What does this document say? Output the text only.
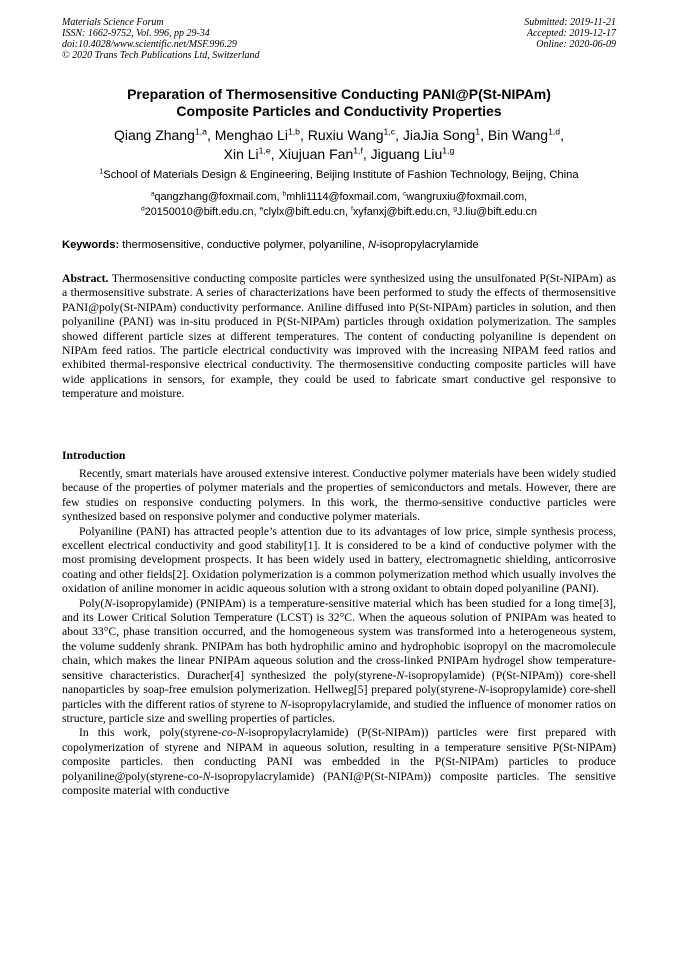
Materials Science Forum
ISSN: 1662-9752, Vol. 996, pp 29-34
doi:10.4028/www.scientific.net/MSF.996.29
© 2020 Trans Tech Publications Ltd, Switzerland
Submitted: 2019-11-21
Accepted: 2019-12-17
Online: 2020-06-09
Preparation of Thermosensitive Conducting PANI@P(St-NIPAm)
Composite Particles and Conductivity Properties
Qiang Zhang$^{1,a}$, Menghao Li$^{1,b}$, Ruxiu Wang$^{1,c}$, JiaJia Song$^1$, Bin Wang$^{1,d}$,
Xin Li$^{1,e}$, Xiujuan Fan$^{1,f}$, Jiguang Liu$^{1,g}$
$^1$School of Materials Design & Engineering, Beijing Institute of Fashion Technology, Beijng, China
$^a$qangzhang@foxmail.com, $^b$mhli1114@foxmail.com, $^c$wangruxiu@foxmail.com,
$^d$20150010@bift.edu.cn, $^e$clylx@bift.edu.cn, $^f$xyfanxj@bift.edu.cn, $^g$J.liu@bift.edu.cn
Keywords: thermosensitive, conductive polymer, polyaniline, N-isopropylacrylamide

Abstract. Thermosensitive conducting composite particles were synthesized using the unsulfonated P(St-NIPAm) as a thermosensitive substrate. A series of characterizations have been performed to study the effects of thermosensitive PANI@poly(St-NIPAm) conductivity performance. Aniline diffused into P(St-NIPAm) particles in solution, and then polyaniline (PANI) was in-situ produced in P(St-NIPAm) particles through oxidation polymerization. The samples showed different particle sizes at different temperatures. The content of conducting polyaniline is dependent on NIPAm feed ratios. The particle electrical conductivity was improved with the increasing NIPAM feed ratios and exhibited thermal-responsive electrical conductivity. The thermosensitive conducting composite particles will have wide applications in sensors, for example, they could be used to fabricate smart conductive gel responsive to temperature and moisture.

Introduction

Recently, smart materials have aroused extensive interest. Conductive polymer materials have been widely studied because of the properties of polymer materials and the properties of semiconductors and metals. However, there are few studies on responsive conducting polymers. In this work, the thermo-sensitive conductive particles were synthesized based on responsive polymer and conductive polymer materials.

Polyaniline (PANI) has attracted people’s attention due to its advantages of low price, simple synthesis process, excellent electrical conductivity and good stability[1]. It is considered to be a kind of conductive polymer with the most promising development prospects. It has been widely used in battery, electromagnetic shielding, anticorrosive coating and other fields[2]. Oxidation polymerization is a common polymerization method which usually involves the oxidation of aniline monomer in acidic aqueous solution with a strong oxidant to obtain doped polyaniline (PANI).

Poly(N-isopropylamide) (PNIPAm) is a temperature-sensitive material which has been studied for a long time[3], and its Lower Critical Solution Temperature (LCST) is 32°C. When the aqueous solution of PNIPAm was heated to about 33°C, phase transition occurred, and the homogeneous system was transformed into a heterogeneous system, the volume suddenly shrank. PNIPAm has both hydrophilic amino and hydrophobic isopropyl on the macromolecule chain, which makes the linear PNIPAm aqueous solution and the cross-linked PNIPAm hydrogel show temperature-sensitive characteristics. Duracher[4] synthesized the poly(styrene-N-isopropylamide) (P(St-NIPAm)) core-shell nanoparticles by soap-free emulsion polymerization. Hellweg[5] prepared poly(styrene-N-isopropylamide) core-shell particles with the different ratios of styrene to N-isopropylacrylamide, and studied the influence of monomer ratios on structure, particle size and swelling properties of particles.

In this work, poly(styrene-co-N-isopropylacrylamide) (P(St-NIPAm)) particles were first prepared with copolymerization of styrene and NIPAM in aqueous solution, resulting in a temperature sensitive P(St-NIPAm) composite particles. then conducting PANI was embedded in the P(St-NIPAm) particles to produce polyaniline@poly(styrene-co-N-isopropylacrylamide) (PANI@P(St-NIPAm)) composite particles. The sensitive composite material with conductive
